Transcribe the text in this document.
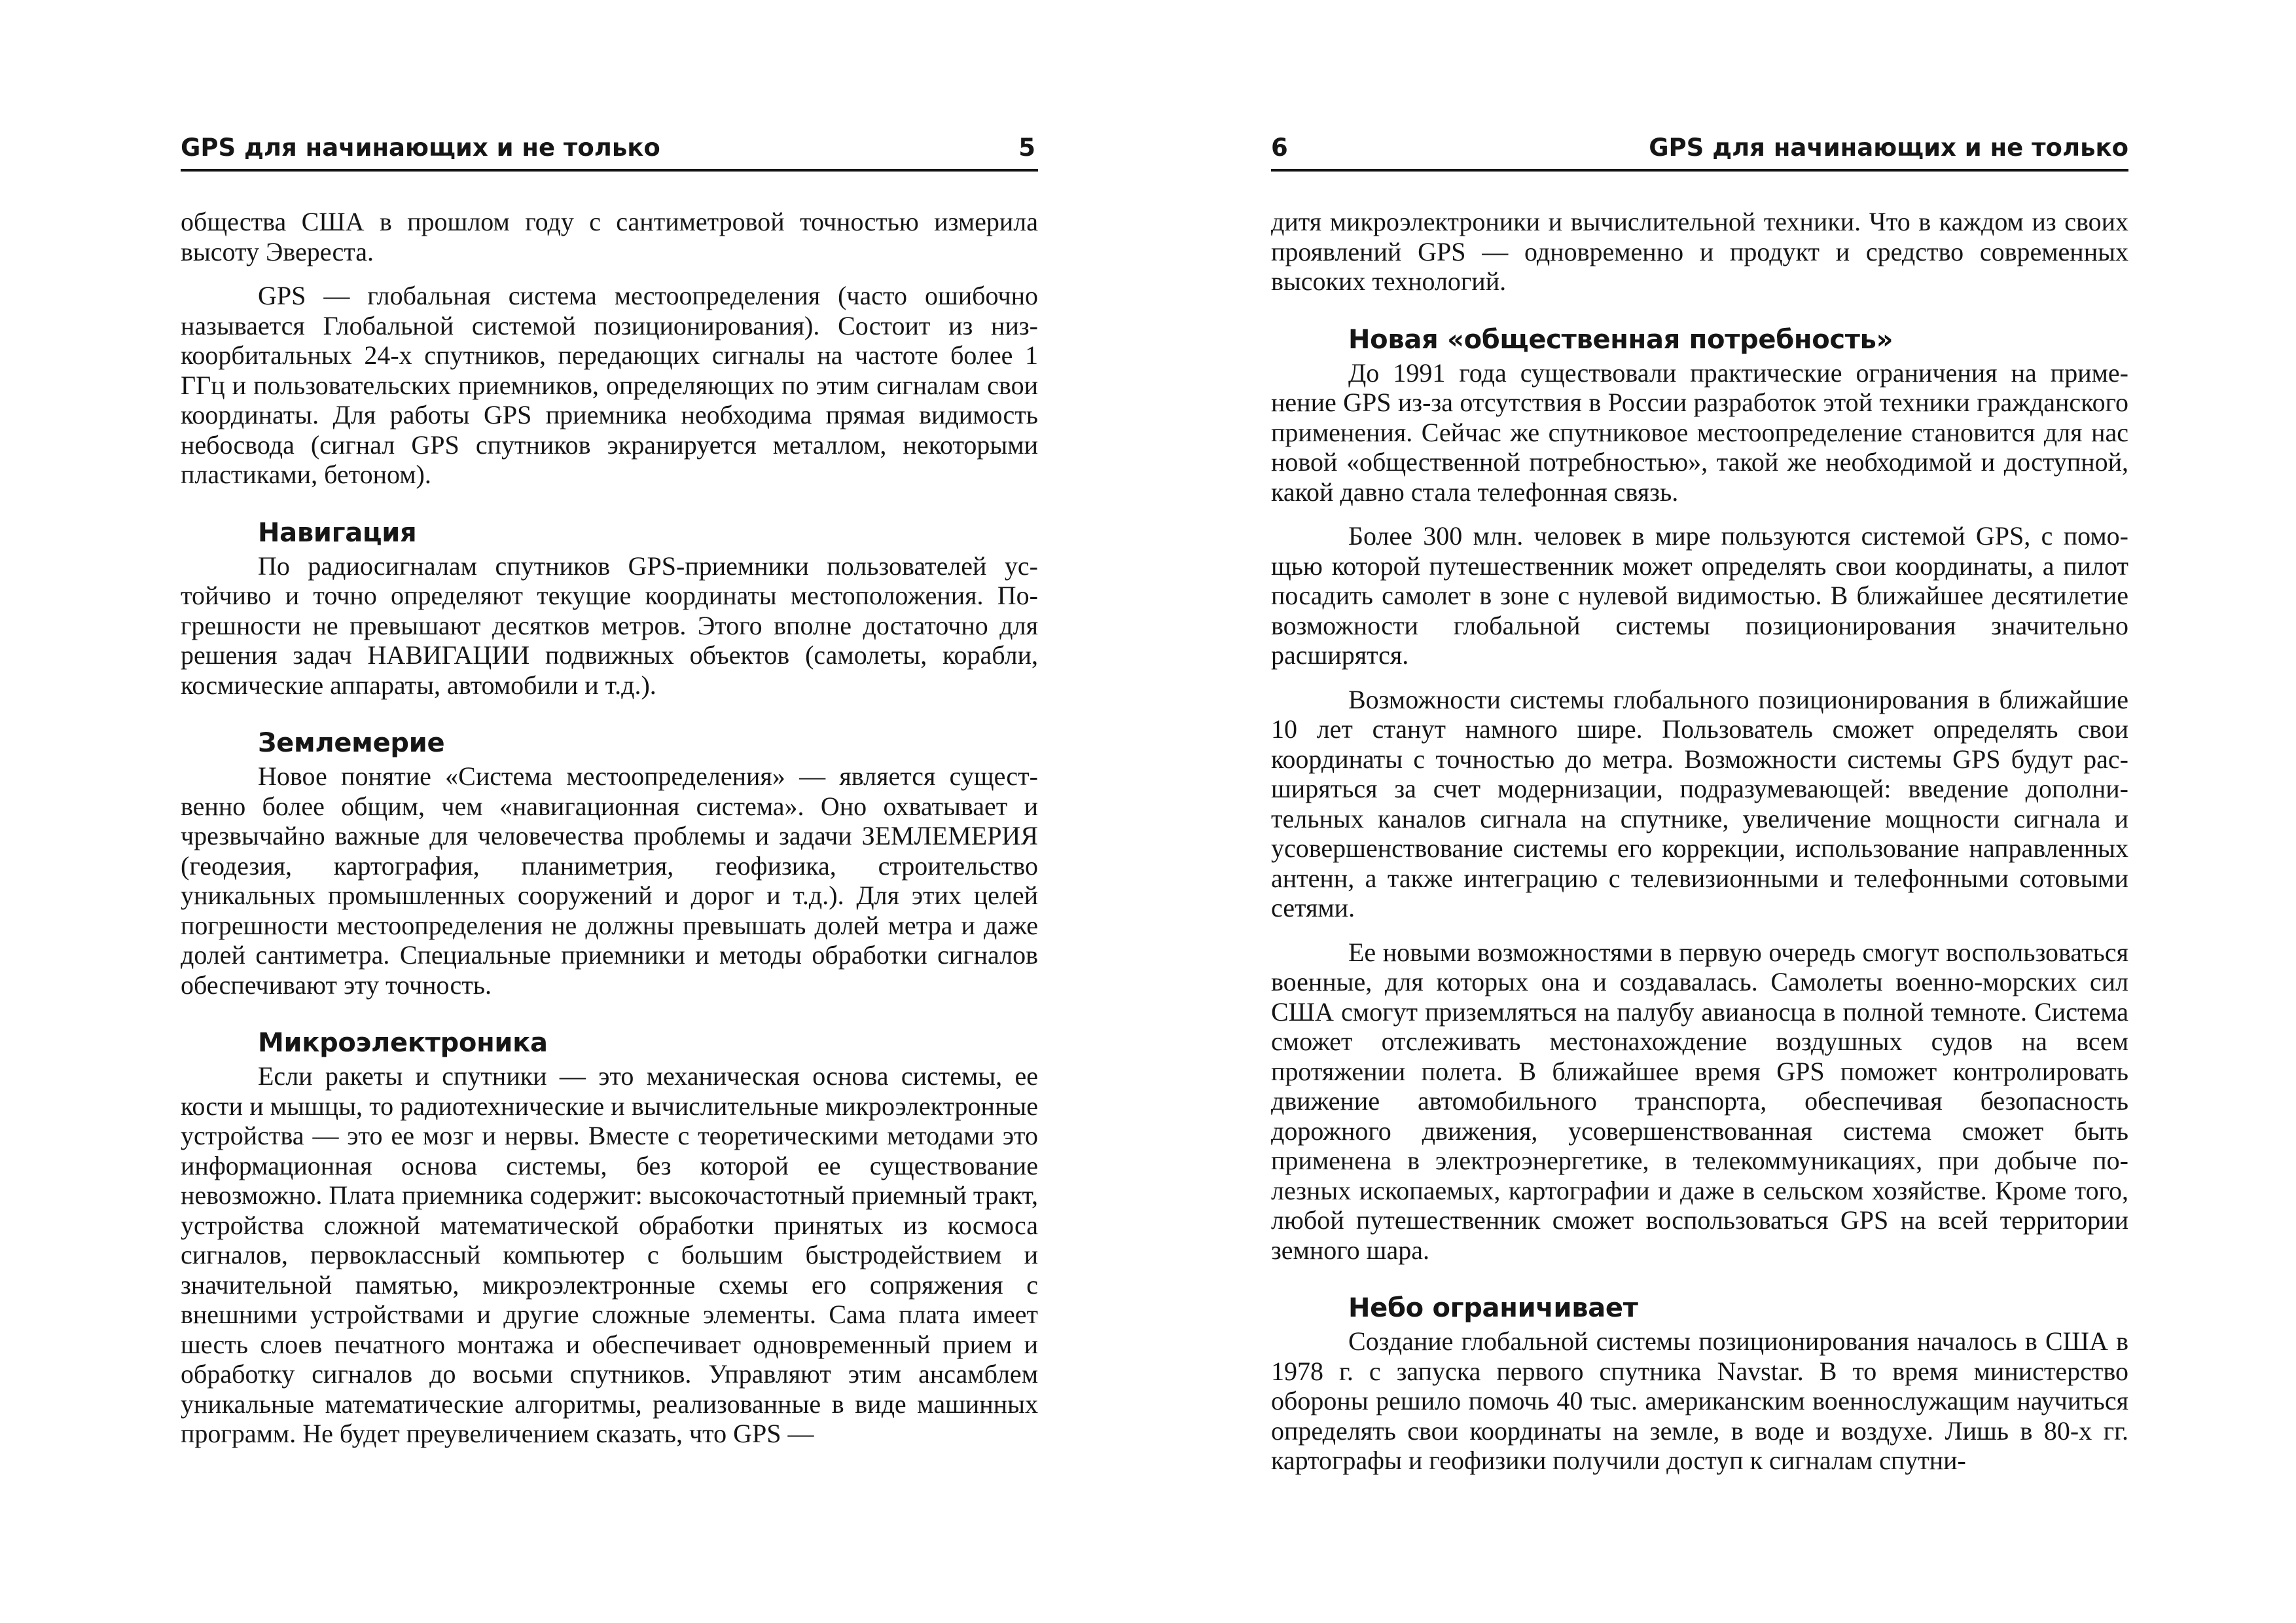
GPS для начинающих и не только	5

общества США в прошлом году с сантиметровой точностью измерила высоту Эвереста.

GPS — глобальная система местоопределения (часто ошибочно называется Глобальной системой позиционирования). Состоит из низкоорбитальных 24-х спутников, передающих сигналы на частоте более 1 ГГц и пользовательских приемников, определяющих по этим сигналам свои координаты. Для работы GPS приемника необходима прямая видимость небосвода (сигнал GPS спутников экранируется металлом, некоторыми пластиками, бетоном).

Навигация

По радиосигналам спутников GPS-приемники пользователей устойчиво и точно определяют текущие координаты местоположения. Погрешности не превышают десятков метров. Этого вполне достаточно для решения задач НАВИГАЦИИ подвижных объектов (самолеты, корабли, космические аппараты, автомобили и т.д.).

Землемерие

Новое понятие «Система местоопределения» — является существенно более общим, чем «навигационная система». Оно охватывает и чрезвычайно важные для человечества проблемы и задачи ЗЕМЛЕМЕРИЯ (геодезия, картография, планиметрия, геофизика, строительство уникальных промышленных сооружений и дорог и т.д.). Для этих целей погрешности местоопределения не должны превышать долей метра и даже долей сантиметра. Специальные приемники и методы обработки сигналов обеспечивают эту точность.

Микроэлектроника

Если ракеты и спутники — это механическая основа системы, ее кости и мышцы, то радиотехнические и вычислительные микроэлектронные устройства — это ее мозг и нервы. Вместе с теоретическими методами это информационная основа системы, без которой ее существование невозможно. Плата приемника содержит: высокочастотный приемный тракт, устройства сложной математической обработки принятых из космоса сигналов, первоклассный компьютер с большим быстродействием и значительной памятью, микроэлектронные схемы его сопряжения с внешними устройствами и другие сложные элементы. Сама плата имеет шесть слоев печатного монтажа и обеспечивает одновременный прием и обработку сигналов до восьми спутников. Управляют этим ансамблем уникальные математические алгоритмы, реализованные в виде машинных программ. Не будет преувеличением сказать, что GPS —

6	GPS для начинающих и не только

дитя микроэлектроники и вычислительной техники. Что в каждом из своих проявлений GPS — одновременно и продукт и средство современных высоких технологий.

Новая «общественная потребность»

До 1991 года существовали практические ограничения на применение GPS из-за отсутствия в России разработок этой техники гражданского применения. Сейчас же спутниковое местоопределение становится для нас новой «общественной потребностью», такой же необходимой и доступной, какой давно стала телефонная связь.

Более 300 млн. человек в мире пользуются системой GPS, с помощью которой путешественник может определять свои координаты, а пилот посадить самолет в зоне с нулевой видимостью. В ближайшее десятилетие возможности глобальной системы позиционирования значительно расширятся.

Возможности системы глобального позиционирования в ближайшие 10 лет станут намного шире. Пользователь сможет определять свои координаты с точностью до метра. Возможности системы GPS будут расширяться за счет модернизации, подразумевающей: введение дополнительных каналов сигнала на спутнике, увеличение мощности сигнала и усовершенствование системы его коррекции, использование направленных антенн, а также интеграцию с телевизионными и телефонными сотовыми сетями.

Ее новыми возможностями в первую очередь смогут воспользоваться военные, для которых она и создавалась. Самолеты военно-морских сил США смогут приземляться на палубу авианосца в полной темноте. Система сможет отслеживать местонахождение воздушных судов на всем протяжении полета. В ближайшее время GPS поможет контролировать движение автомобильного транспорта, обеспечивая безопасность дорожного движения, усовершенствованная система сможет быть применена в электроэнергетике, в телекоммуникациях, при добыче полезных ископаемых, картографии и даже в сельском хозяйстве. Кроме того, любой путешественник сможет воспользоваться GPS на всей территории земного шара.

Небо ограничивает

Создание глобальной системы позиционирования началось в США в 1978 г. с запуска первого спутника Navstar. В то время министерство обороны решило помочь 40 тыс. американским военнослужащим научиться определять свои координаты на земле, в воде и воздухе. Лишь в 80-х гг. картографы и геофизики получили доступ к сигналам спутни-
